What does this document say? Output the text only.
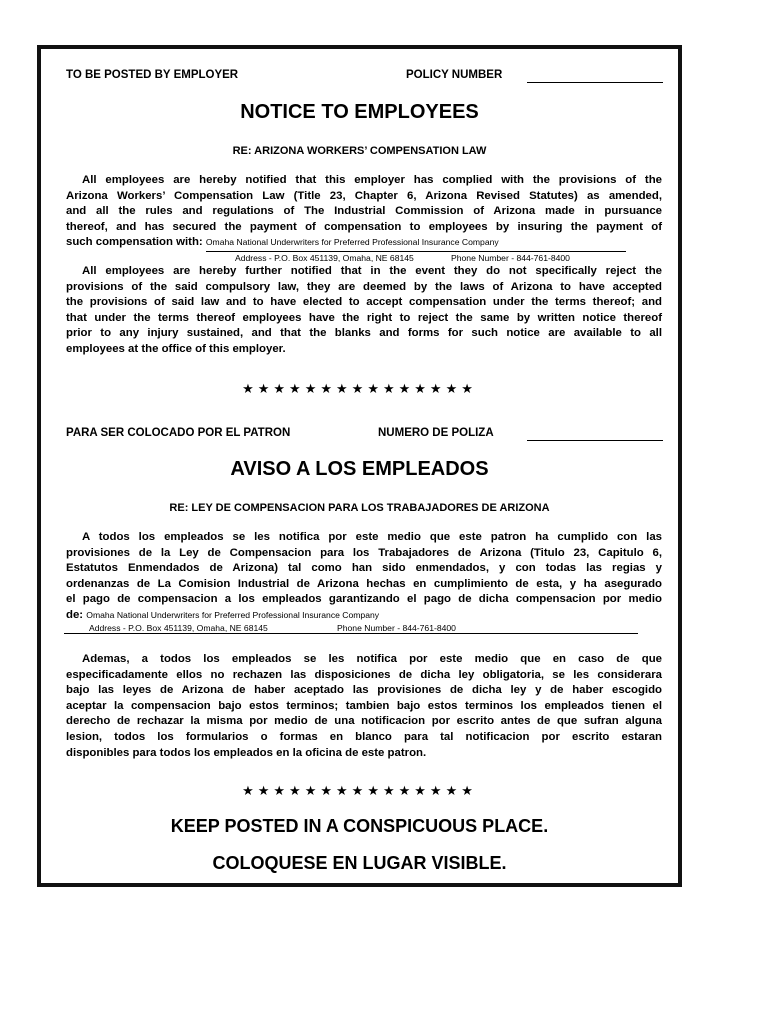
TO BE POSTED BY EMPLOYER	POLICY NUMBER
NOTICE TO EMPLOYEES
RE: ARIZONA WORKERS’ COMPENSATION LAW
All employees are hereby notified that this employer has complied with the provisions of the
Arizona Workers’ Compensation Law (Title 23, Chapter 6, Arizona Revised Statutes) as amended,
and all the rules and regulations of The Industrial Commission of Arizona made in pursuance
thereof, and has secured the payment of compensation to employees by insuring the payment of
such compensation with: Omaha National Underwriters for Preferred Professional Insurance Company
Address - P.O. Box 451139, Omaha, NE 68145	Phone Number - 844-761-8400
All employees are hereby further notified that in the event they do not specifically reject the
provisions of the said compulsory law, they are deemed by the laws of Arizona to have accepted
the provisions of said law and to have elected to accept compensation under the terms thereof; and
that under the terms thereof employees have the right to reject the same by written notice thereof
prior to any injury sustained, and that the blanks and forms for such notice are available to all
employees at the office of this employer.
★★★★★★★★★★★★★★★
PARA SER COLOCADO POR EL PATRON	NUMERO DE POLIZA
AVISO A LOS EMPLEADOS
RE: LEY DE COMPENSACION PARA LOS TRABAJADORES DE ARIZONA
A todos los empleados se les notifica por este medio que este patron ha cumplido con las
provisiones de la Ley de Compensacion para los Trabajadores de Arizona (Titulo 23, Capitulo 6,
Estatutos Enmendados de Arizona) tal como han sido enmendados, y con todas las regias y
ordenanzas de La Comision Industrial de Arizona hechas en cumplimiento de esta, y ha asegurado
el pago de compensacion a los empleados garantizando el pago de dicha compensacion por medio
de: Omaha National Underwriters for Preferred Professional Insurance Company
Address - P.O. Box 451139, Omaha, NE 68145	Phone Number - 844-761-8400
Ademas, a todos los empleados se les notifica por este medio que en caso de que
especificadamente ellos no rechazen las disposiciones de dicha ley obligatoria, se les considerara
bajo las leyes de Arizona de haber aceptado las provisiones de dicha ley y de haber escogido
aceptar la compensacion bajo estos terminos; tambien bajo estos terminos los empleados tienen el
derecho de rechazar la misma por medio de una notificacion por escrito antes de que sufran alguna
lesion, todos los formularios o formas en blanco para tal notificacion por escrito estaran
disponibles para todos los empleados en la oficina de este patron.
★★★★★★★★★★★★★★★
KEEP POSTED IN A CONSPICUOUS PLACE.
COLOQUESE EN LUGAR VISIBLE.
